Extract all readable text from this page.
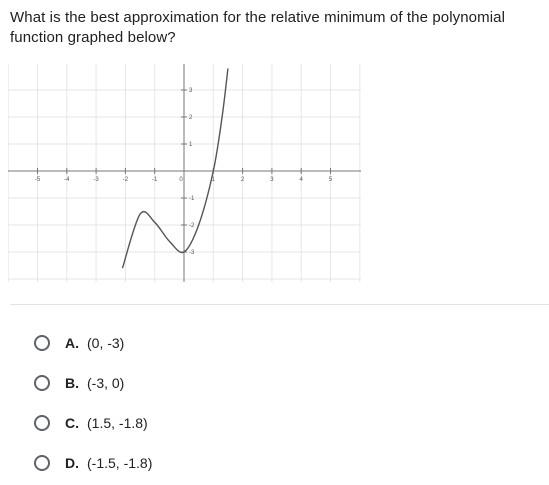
What is the best approximation for the relative minimum of the polynomial function graphed below?
-5	-4	-3	-2	-1	0	1	2	3	4	5
3
2
1
-1
-2
-3
A. (0, -3)
B. (-3, 0)
C. (1.5, -1.8)
D. (-1.5, -1.8)
